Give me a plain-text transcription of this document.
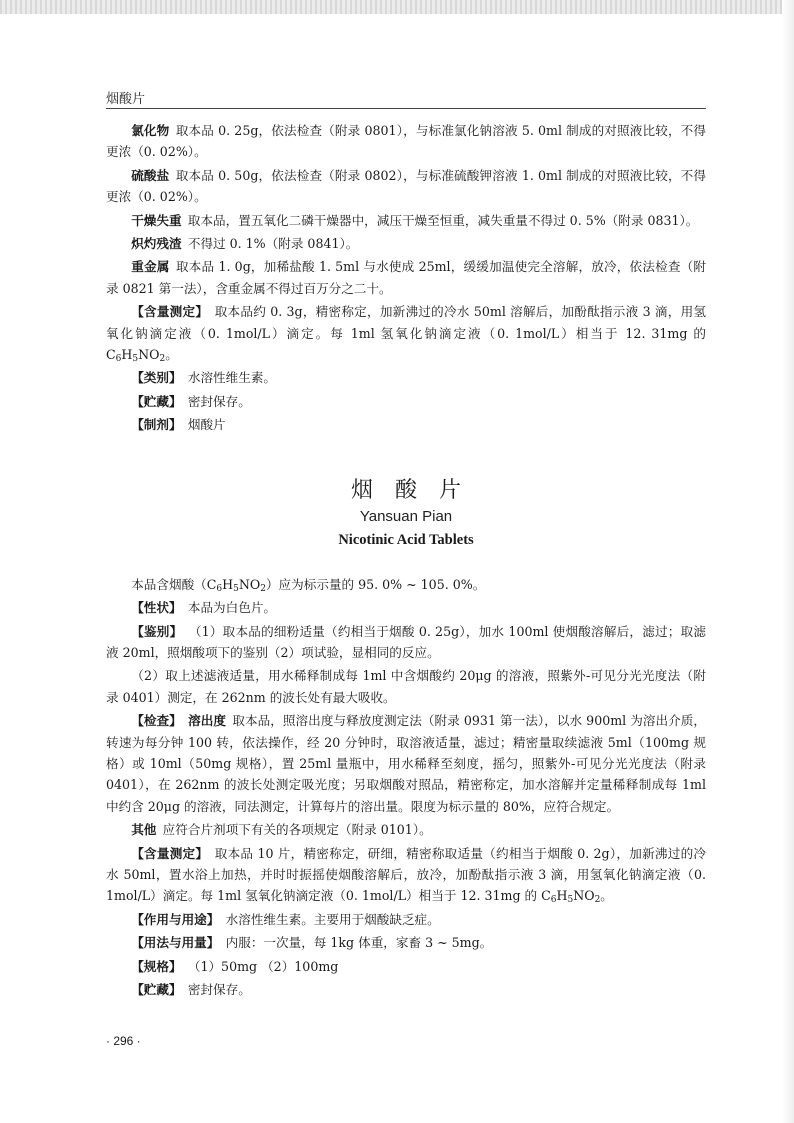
烟酸片

氯化物  取本品 0. 25g，依法检查（附录 0801），与标准氯化钠溶液 5. 0ml 制成的对照液比较，不得更浓（0. 02%）。

硫酸盐  取本品 0. 50g，依法检查（附录 0802），与标准硫酸钾溶液 1. 0ml 制成的对照液比较，不得更浓（0. 02%）。

干燥失重  取本品，置五氧化二磷干燥器中，减压干燥至恒重，减失重量不得过 0. 5%（附录 0831）。

炽灼残渣  不得过 0. 1%（附录 0841）。

重金属  取本品 1. 0g，加稀盐酸 1. 5ml 与水使成 25ml，缓缓加温使完全溶解，放冷，依法检查（附录 0821 第一法），含重金属不得过百万分之二十。

【含量测定】  取本品约 0. 3g，精密称定，加新沸过的冷水 50ml 溶解后，加酚酞指示液 3 滴，用氢氧化钠滴定液（0. 1mol/L）滴定。每 1ml 氢氧化钠滴定液（0. 1mol/L）相当于 12. 31mg 的 $C_6H_5NO_2$。

【类别】  水溶性维生素。

【贮藏】  密封保存。

【制剂】  烟酸片

烟酸片
Yansuan Pian
Nicotinic Acid Tablets

本品含烟酸$(C_6H_5NO_2)$应为标示量的 95. 0% ~ 105. 0%。

【性状】  本品为白色片。

【鉴别】  （1）取本品的细粉适量（约相当于烟酸 0. 25g），加水 100ml 使烟酸溶解后，滤过；取滤液 20ml，照烟酸项下的鉴别（2）项试验，显相同的反应。

（2）取上述滤液适量，用水稀释制成每 1ml 中含烟酸约 20μg 的溶液，照紫外-可见分光光度法（附录 0401）测定，在 262nm 的波长处有最大吸收。

【检查】  溶出度  取本品，照溶出度与释放度测定法（附录 0931 第一法），以水 900ml 为溶出介质，转速为每分钟 100 转，依法操作，经 20 分钟时，取溶液适量，滤过；精密量取续滤液 5ml（100mg 规格）或 10ml（50mg 规格），置 25ml 量瓶中，用水稀释至刻度，摇匀，照紫外-可见分光光度法（附录 0401），在 262nm 的波长处测定吸光度；另取烟酸对照品，精密称定，加水溶解并定量稀释制成每 1ml 中约含 20μg 的溶液，同法测定，计算每片的溶出量。限度为标示量的 80%，应符合规定。

其他  应符合片剂项下有关的各项规定（附录 0101）。

【含量测定】  取本品 10 片，精密称定，研细，精密称取适量（约相当于烟酸 0. 2g），加新沸过的冷水 50ml，置水浴上加热，并时时振摇使烟酸溶解后，放冷，加酚酞指示液 3 滴，用氢氧化钠滴定液（0. 1mol/L）滴定。每 1ml 氢氧化钠滴定液（0. 1mol/L）相当于 12. 31mg 的 $C_6H_5NO_2$。

【作用与用途】  水溶性维生素。主要用于烟酸缺乏症。

【用法与用量】  内服：一次量，每 1kg 体重，家畜 3 ~ 5mg。

【规格】  （1）50mg （2）100mg

【贮藏】  密封保存。

· 296 ·
